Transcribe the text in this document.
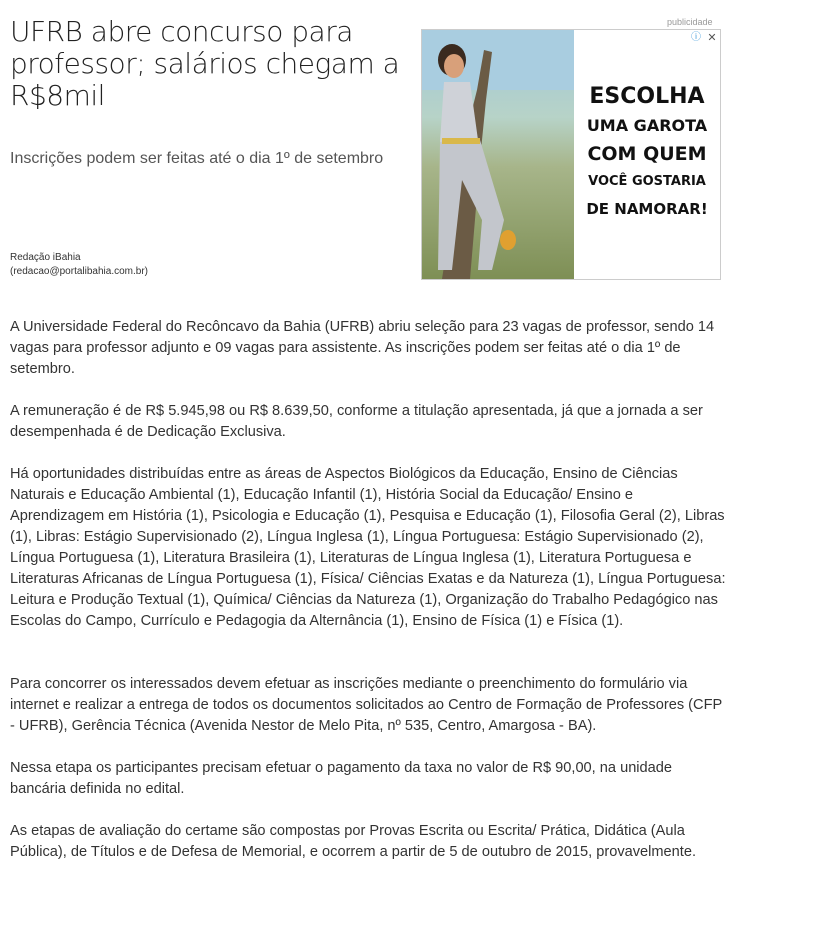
UFRB abre concurso para professor; salários chegam a R$8mil

Inscrições podem ser feitas até o dia 1º de setembro

Redação iBahia
(redacao@portalibahia.com.br)
publicidade
ⓘ ✕
ESCOLHA
UMA GAROTA
COM QUEM
VOCÊ GOSTARIA
DE NAMORAR!

A Universidade Federal do Recôncavo da Bahia (UFRB) abriu seleção para 23 vagas de professor, sendo 14 vagas para professor adjunto e 09 vagas para assistente. As inscrições podem ser feitas até o dia 1º de setembro.

A remuneração é de R$ 5.945,98 ou R$ 8.639,50, conforme a titulação apresentada, já que a jornada a ser desempenhada é de Dedicação Exclusiva.

Há oportunidades distribuídas entre as áreas de Aspectos Biológicos da Educação, Ensino de Ciências Naturais e Educação Ambiental (1), Educação Infantil (1), História Social da Educação/ Ensino e Aprendizagem em História (1), Psicologia e Educação (1), Pesquisa e Educação (1), Filosofia Geral (2), Libras (1), Libras: Estágio Supervisionado (2), Língua Inglesa (1), Língua Portuguesa: Estágio Supervisionado (2), Língua Portuguesa (1), Literatura Brasileira (1), Literaturas de Língua Inglesa (1), Literatura Portuguesa e Literaturas Africanas de Língua Portuguesa (1), Física/ Ciências Exatas e da Natureza (1), Língua Portuguesa: Leitura e Produção Textual (1), Química/ Ciências da Natureza (1), Organização do Trabalho Pedagógico nas Escolas do Campo, Currículo e Pedagogia da Alternância (1), Ensino de Física (1) e Física (1).

Para concorrer os interessados devem efetuar as inscrições mediante o preenchimento do formulário via internet e realizar a entrega de todos os documentos solicitados ao Centro de Formação de Professores (CFP - UFRB), Gerência Técnica (Avenida Nestor de Melo Pita, nº 535, Centro, Amargosa - BA).

Nessa etapa os participantes precisam efetuar o pagamento da taxa no valor de R$ 90,00, na unidade bancária definida no edital.

As etapas de avaliação do certame são compostas por Provas Escrita ou Escrita/ Prática, Didática (Aula Pública), de Títulos e de Defesa de Memorial, e ocorrem a partir de 5 de outubro de 2015, provavelmente.
